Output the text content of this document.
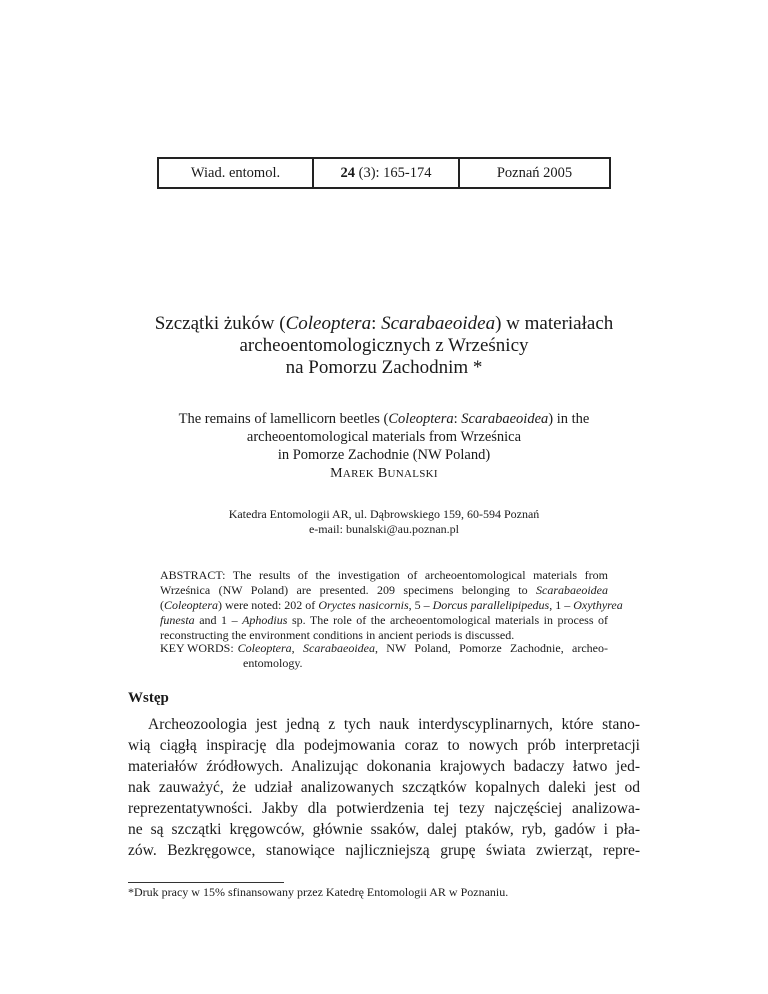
Wiad. entomol.	24
(3): 165-174	Poznań 2005
Szczątki żuków (Coleoptera: Scarabaeoidea) w materiałach
archeoentomologicznych z Wrześnicy
na Pomorzu Zachodnim *
The remains of lamellicorn beetles (Coleoptera: Scarabaeoidea) in the
archeoentomological materials from Wrześnica
in Pomorze Zachodnie (NW Poland)
MAREK BUNALSKI
Katedra Entomologii AR, ul. Dąbrowskiego 159, 60-594 Poznań
e-mail: bunalski@au.poznan.pl
ABSTRACT: The results of the investigation of archeoentomological materials from
Wrześnica (NW Poland) are presented. 209 specimens belonging to Scarabaeoidea
(Coleoptera) were noted: 202 of Oryctes nasicornis, 5 – Dorcus parallelipipedus, 1 – Oxythyrea
funesta and 1 – Aphodius sp. The role of the archeoentomological materials in process of
reconstructing the environment conditions in ancient periods is discussed.
KEY WORDS: Coleoptera, Scarabaeoidea, NW Poland, Pomorze Zachodnie, archeo-
entomology.
Wstęp
Archeozoologia jest jedną z tych nauk interdyscyplinarnych, które stano-
wią ciągłą inspirację dla podejmowania coraz to nowych prób interpretacji
materiałów źródłowych. Analizując dokonania krajowych badaczy łatwo jed-
nak zauważyć, że udział analizowanych szczątków kopalnych daleki jest od
reprezentatywności. Jakby dla potwierdzenia tej tezy najczęściej analizowa-
ne są szczątki kręgowców, głównie ssaków, dalej ptaków, ryb, gadów i pła-
zów. Bezkręgowce, stanowiące najliczniejszą grupę świata zwierząt, repre-
*Druk pracy w 15% sfinansowany przez Katedrę Entomologii AR w Poznaniu.
